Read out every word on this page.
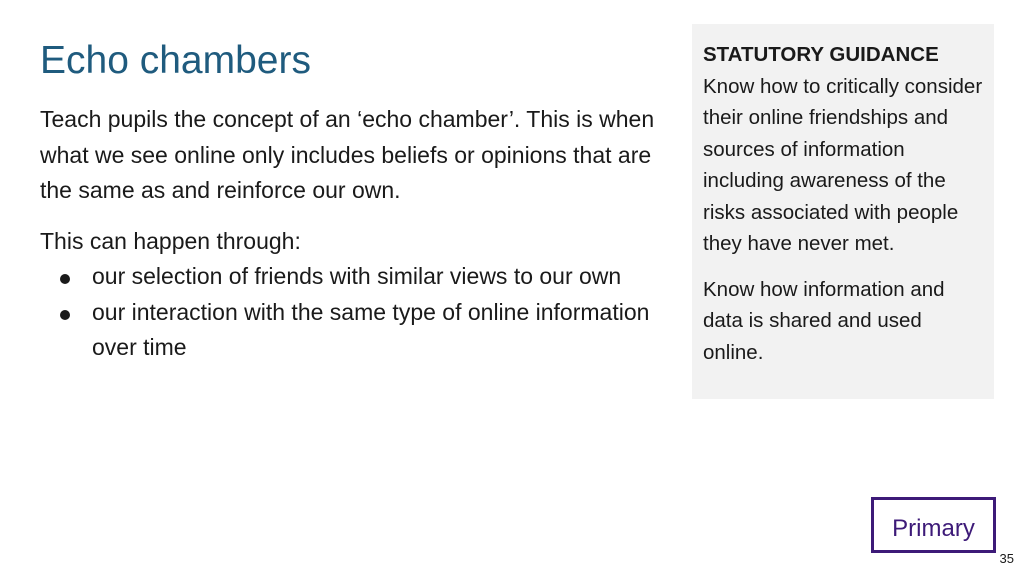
Echo chambers

Teach pupils the concept of an ‘echo chamber’. This is when what we see online only includes beliefs or opinions that are the same as and reinforce our own.

This can happen through:

our selection of friends with similar views to our own
our interaction with the same type of online information over time
STATUTORY GUIDANCE

Know how to critically consider their online friendships and sources of information including awareness of the risks associated with people they have never met.

Know how information and data is shared and used online.

Primary
35
